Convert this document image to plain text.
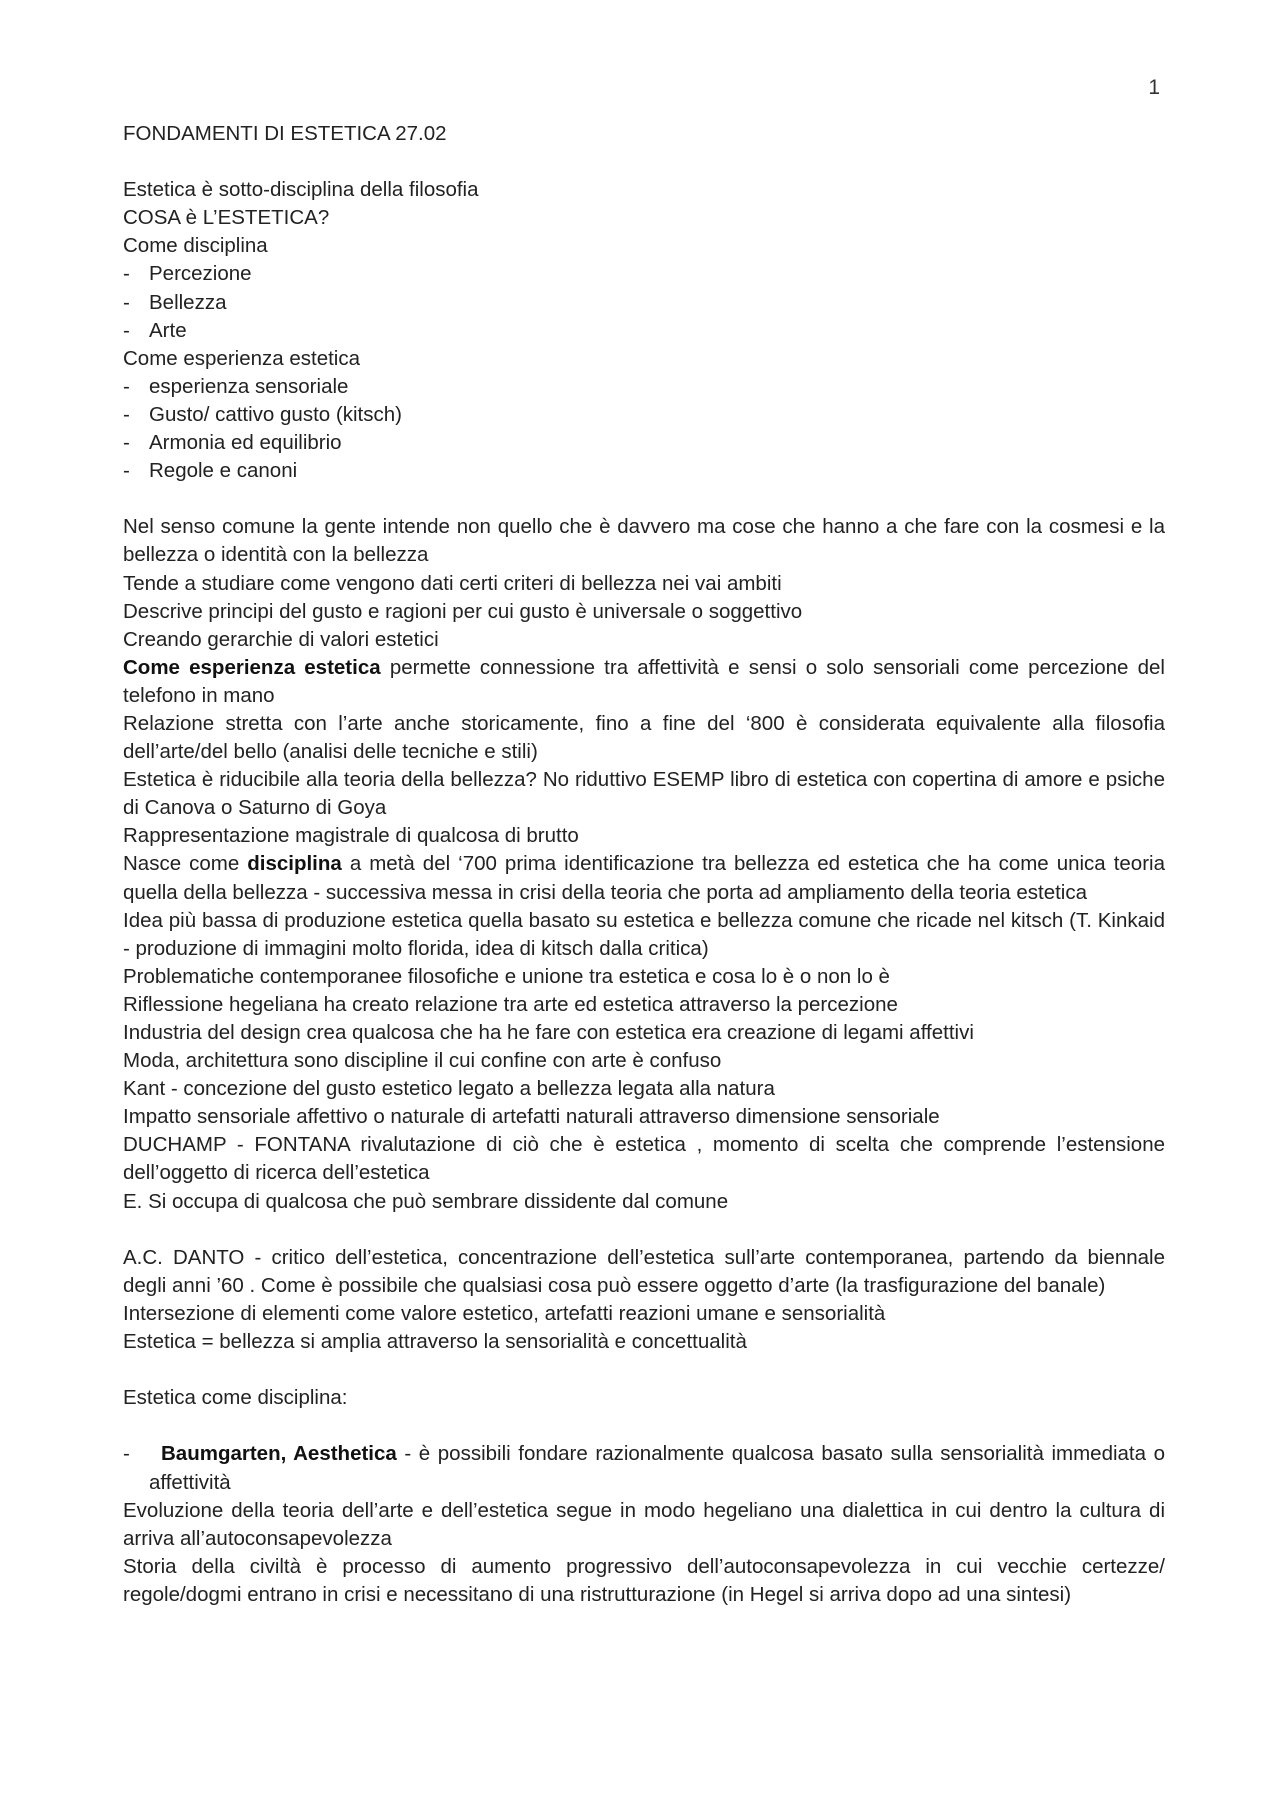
1

FONDAMENTI DI ESTETICA 27.02

Estetica è sotto-disciplina della filosofia

COSA è L’ESTETICA?

Come disciplina

- Percezione
- Bellezza
- Arte

Come esperienza estetica

- esperienza sensoriale
- Gusto/ cattivo gusto (kitsch)
- Armonia ed equilibrio
- Regole e canoni

Nel senso comune la gente intende non quello che è davvero ma cose che hanno a che fare con la cosmesi e la bellezza o identità con la bellezza

Tende a studiare come vengono dati certi criteri di bellezza nei vai ambiti

Descrive principi del gusto e ragioni per cui gusto è universale o soggettivo

Creando gerarchie di valori estetici

Come esperienza estetica permette connessione tra affettività e sensi o solo sensoriali come percezione del telefono in mano

Relazione stretta con l’arte anche storicamente, fino a fine del ‘800 è considerata equivalente alla filosofia dell’arte/del bello (analisi delle tecniche e stili)

Estetica è riducibile alla teoria della bellezza? No riduttivo ESEMP libro di estetica con copertina di amore e psiche di Canova o Saturno di Goya

Rappresentazione magistrale di qualcosa di brutto

Nasce come disciplina a metà del ‘700 prima identificazione tra bellezza ed estetica che ha come unica teoria quella della bellezza - successiva messa in crisi della teoria che porta ad ampliamento della teoria estetica

Idea più bassa di produzione estetica quella basato su estetica e bellezza comune che ricade nel kitsch (T. Kinkaid - produzione di immagini molto florida, idea di kitsch dalla critica)

Problematiche contemporanee filosofiche e unione tra estetica e cosa lo è o non lo è

Riflessione hegeliana ha creato relazione tra arte ed estetica attraverso la percezione

Industria del design crea qualcosa che ha he fare con estetica era creazione di legami affettivi

Moda, architettura sono discipline il cui confine con arte è confuso

Kant - concezione del gusto estetico legato a bellezza legata alla natura

Impatto sensoriale affettivo o naturale di artefatti naturali attraverso dimensione sensoriale

DUCHAMP - FONTANA rivalutazione di ciò che è estetica , momento di scelta che comprende l’estensione dell’oggetto di ricerca dell’estetica

E. Si occupa di qualcosa che può sembrare dissidente dal comune

A.C. DANTO - critico dell’estetica, concentrazione dell’estetica sull’arte contemporanea, partendo da biennale degli anni ’60 . Come è possibile che qualsiasi cosa può essere oggetto d’arte (la trasfigurazione del banale)

Intersezione di elementi come valore estetico, artefatti reazioni umane e sensorialità

Estetica = bellezza si amplia attraverso la sensorialità e concettualità

Estetica come disciplina:

- Baumgarten, Aesthetica - è possibili fondare razionalmente qualcosa basato sulla sensorialità immediata o affettività

Evoluzione della teoria dell’arte e dell’estetica segue in modo hegeliano una dialettica in cui dentro la cultura di arriva all’autoconsapevolezza

Storia della civiltà è processo di aumento progressivo dell’autoconsapevolezza in cui vecchie certezze/ regole/dogmi entrano in crisi e necessitano di una ristrutturazione (in Hegel si arriva dopo ad una sintesi)
